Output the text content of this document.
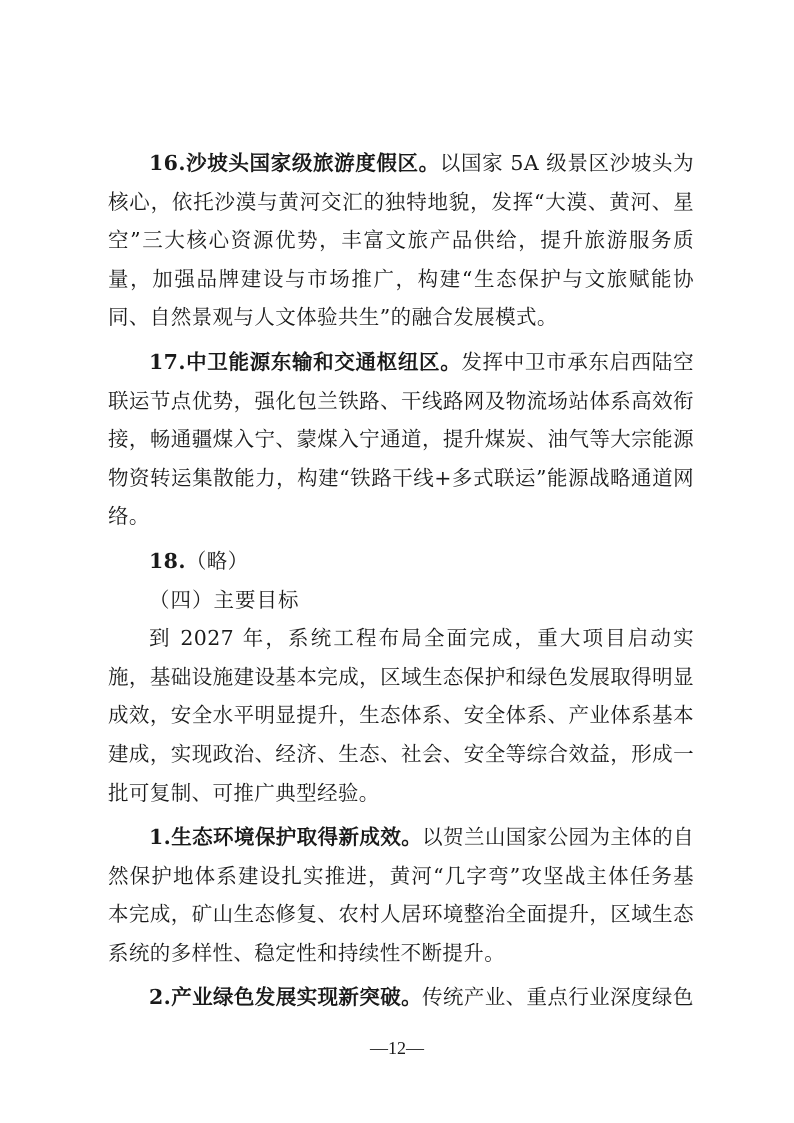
16.沙坡头国家级旅游度假区。以国家 5A 级景区沙坡头为核心，依托沙漠与黄河交汇的独特地貌，发挥“大漠、黄河、星空”三大核心资源优势，丰富文旅产品供给，提升旅游服务质量，加强品牌建设与市场推广，构建“生态保护与文旅赋能协同、自然景观与人文体验共生”的融合发展模式。

17.中卫能源东输和交通枢纽区。发挥中卫市承东启西陆空联运节点优势，强化包兰铁路、干线路网及物流场站体系高效衔接，畅通疆煤入宁、蒙煤入宁通道，提升煤炭、油气等大宗能源物资转运集散能力，构建“铁路干线+多式联运”能源战略通道网络。

18.（略）

（四）主要目标

到 2027 年，系统工程布局全面完成，重大项目启动实施，基础设施建设基本完成，区域生态保护和绿色发展取得明显成效，安全水平明显提升，生态体系、安全体系、产业体系基本建成，实现政治、经济、生态、社会、安全等综合效益，形成一批可复制、可推广典型经验。

1.生态环境保护取得新成效。以贺兰山国家公园为主体的自然保护地体系建设扎实推进，黄河“几字弯”攻坚战主体任务基本完成，矿山生态修复、农村人居环境整治全面提升，区域生态系统的多样性、稳定性和持续性不断提升。

2.产业绿色发展实现新突破。传统产业、重点行业深度绿色

—12—
